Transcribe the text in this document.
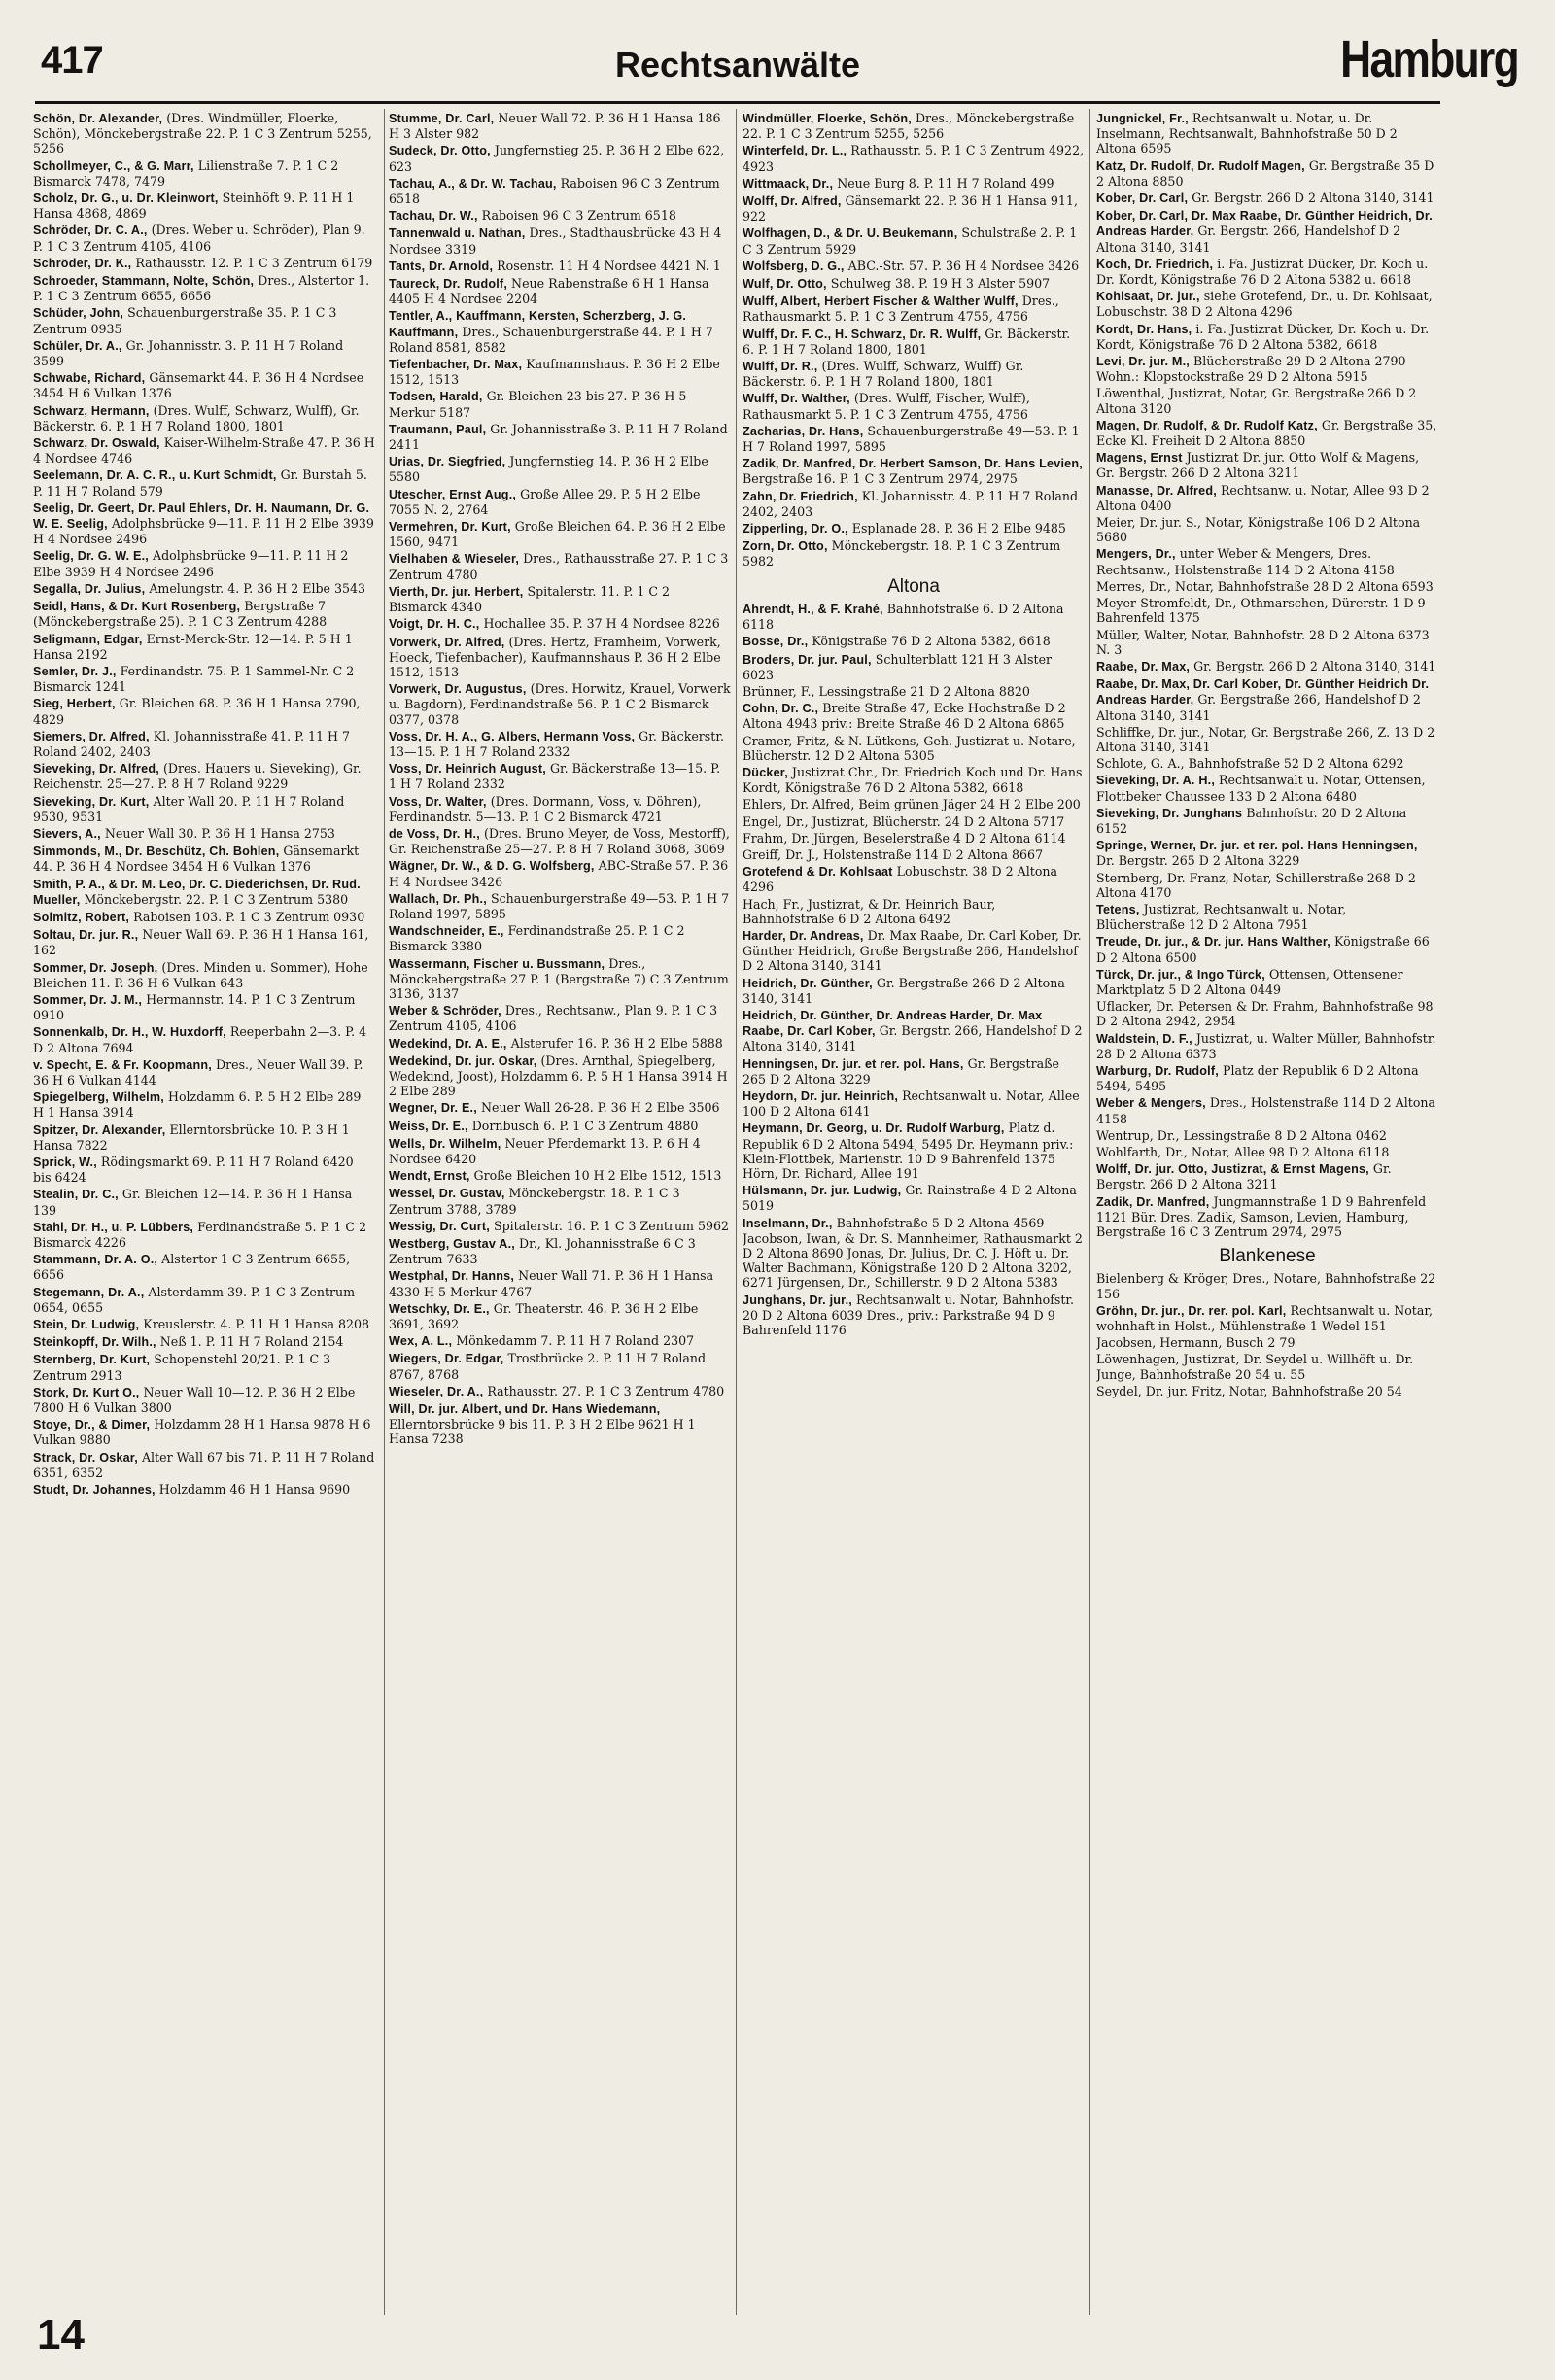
417	Rechtsanwälte	Hamburg

Schön, Dr. Alexander, (Dres. Windmüller, Floerke, Schön), Mönckebergstraße 22. P. 1 C 3 Zentrum 5255, 5256

Schollmeyer, C., & G. Marr, Lilienstraße 7. P. 1 C 2 Bismarck 7478, 7479

Scholz, Dr. G., u. Dr. Kleinwort, Steinhöft 9. P. 11 H 1 Hansa 4868, 4869

Schröder, Dr. C. A., (Dres. Weber u. Schröder), Plan 9. P. 1 C 3 Zentrum 4105, 4106

Schröder, Dr. K., Rathausstr. 12. P. 1 C 3 Zentrum 6179

Schroeder, Stammann, Nolte, Schön, Dres., Alstertor 1. P. 1 C 3 Zentrum 6655, 6656

Schüder, John, Schauenburgerstraße 35. P. 1 C 3 Zentrum 0935

Schüler, Dr. A., Gr. Johannisstr. 3. P. 11 H 7 Roland 3599

Schwabe, Richard, Gänsemarkt 44. P. 36 H 4 Nordsee 3454 H 6 Vulkan 1376

Schwarz, Hermann, (Dres. Wulff, Schwarz, Wulff), Gr. Bäckerstr. 6. P. 1 H 7 Roland 1800, 1801

Schwarz, Dr. Oswald, Kaiser-Wilhelm-Straße 47. P. 36 H 4 Nordsee 4746

Seelemann, Dr. A. C. R., u. Kurt Schmidt, Gr. Burstah 5. P. 11 H 7 Roland 579

Seelig, Dr. Geert, Dr. Paul Ehlers, Dr. H. Naumann, Dr. G. W. E. Seelig, Adolphsbrücke 9—11. P. 11 H 2 Elbe 3939 H 4 Nordsee 2496

Seelig, Dr. G. W. E., Adolphsbrücke 9—11. P. 11 H 2 Elbe 3939 H 4 Nordsee 2496

Segalla, Dr. Julius, Amelungstr. 4. P. 36 H 2 Elbe 3543

Seidl, Hans, & Dr. Kurt Rosenberg, Bergstraße 7 (Mönckebergstraße 25). P. 1 C 3 Zentrum 4288

Seligmann, Edgar, Ernst-Merck-Str. 12—14. P. 5 H 1 Hansa 2192

Semler, Dr. J., Ferdinandstr. 75. P. 1 Sammel-Nr. C 2 Bismarck 1241

Sieg, Herbert, Gr. Bleichen 68. P. 36 H 1 Hansa 2790, 4829

Siemers, Dr. Alfred, Kl. Johannisstraße 41. P. 11 H 7 Roland 2402, 2403

Sieveking, Dr. Alfred, (Dres. Hauers u. Sieveking), Gr. Reichenstr. 25—27. P. 8 H 7 Roland 9229

Sieveking, Dr. Kurt, Alter Wall 20. P. 11 H 7 Roland 9530, 9531

Sievers, A., Neuer Wall 30. P. 36 H 1 Hansa 2753

Simmonds, M., Dr. Beschütz, Ch. Bohlen, Gänsemarkt 44. P. 36 H 4 Nordsee 3454 H 6 Vulkan 1376

Smith, P. A., & Dr. M. Leo, Dr. C. Diederichsen, Dr. Rud. Mueller, Mönckebergstr. 22. P. 1 C 3 Zentrum 5380

Solmitz, Robert, Raboisen 103. P. 1 C 3 Zentrum 0930

Soltau, Dr. jur. R., Neuer Wall 69. P. 36 H 1 Hansa 161, 162

Sommer, Dr. Joseph, (Dres. Minden u. Sommer), Hohe Bleichen 11. P. 36 H 6 Vulkan 643

Sommer, Dr. J. M., Hermannstr. 14. P. 1 C 3 Zentrum 0910

Sonnenkalb, Dr. H., W. Huxdorff, Reeperbahn 2—3. P. 4 D 2 Altona 7694

v. Specht, E. & Fr. Koopmann, Dres., Neuer Wall 39. P. 36 H 6 Vulkan 4144

Spiegelberg, Wilhelm, Holzdamm 6. P. 5 H 2 Elbe 289 H 1 Hansa 3914

Spitzer, Dr. Alexander, Ellerntorsbrücke 10. P. 3 H 1 Hansa 7822

Sprick, W., Rödingsmarkt 69. P. 11 H 7 Roland 6420 bis 6424

Stealin, Dr. C., Gr. Bleichen 12—14. P. 36 H 1 Hansa 139

Stahl, Dr. H., u. P. Lübbers, Ferdinandstraße 5. P. 1 C 2 Bismarck 4226

Stammann, Dr. A. O., Alstertor 1 C 3 Zentrum 6655, 6656

Stegemann, Dr. A., Alsterdamm 39. P. 1 C 3 Zentrum 0654, 0655

Stein, Dr. Ludwig, Kreuslerstr. 4. P. 11 H 1 Hansa 8208

Steinkopff, Dr. Wilh., Neß 1. P. 11 H 7 Roland 2154

Sternberg, Dr. Kurt, Schopenstehl 20/21. P. 1 C 3 Zentrum 2913

Stork, Dr. Kurt O., Neuer Wall 10—12. P. 36 H 2 Elbe 7800 H 6 Vulkan 3800

Stoye, Dr., & Dimer, Holzdamm 28 H 1 Hansa 9878 H 6 Vulkan 9880

Strack, Dr. Oskar, Alter Wall 67 bis 71. P. 11 H 7 Roland 6351, 6352

Studt, Dr. Johannes, Holzdamm 46 H 1 Hansa 9690

Stumme, Dr. Carl, Neuer Wall 72. P. 36 H 1 Hansa 186 H 3 Alster 982

Sudeck, Dr. Otto, Jungfernstieg 25. P. 36 H 2 Elbe 622, 623

Tachau, A., & Dr. W. Tachau, Raboisen 96 C 3 Zentrum 6518

Tachau, Dr. W., Raboisen 96 C 3 Zentrum 6518

Tannenwald u. Nathan, Dres., Stadthausbrücke 43 H 4 Nordsee 3319

Tants, Dr. Arnold, Rosenstr. 11 H 4 Nordsee 4421 N. 1

Taureck, Dr. Rudolf, Neue Rabenstraße 6 H 1 Hansa 4405 H 4 Nordsee 2204

Tentler, A., Kauffmann, Kersten, Scherzberg, J. G. Kauffmann, Dres., Schauenburgerstraße 44. P. 1 H 7 Roland 8581, 8582

Tiefenbacher, Dr. Max, Kaufmannshaus. P. 36 H 2 Elbe 1512, 1513

Todsen, Harald, Gr. Bleichen 23 bis 27. P. 36 H 5 Merkur 5187

Traumann, Paul, Gr. Johannisstraße 3. P. 11 H 7 Roland 2411

Urias, Dr. Siegfried, Jungfernstieg 14. P. 36 H 2 Elbe 5580

Utescher, Ernst Aug., Große Allee 29. P. 5 H 2 Elbe 7055 N. 2, 2764

Vermehren, Dr. Kurt, Große Bleichen 64. P. 36 H 2 Elbe 1560, 9471

Vielhaben & Wieseler, Dres., Rathausstraße 27. P. 1 C 3 Zentrum 4780

Vierth, Dr. jur. Herbert, Spitalerstr. 11. P. 1 C 2 Bismarck 4340

Voigt, Dr. H. C., Hochallee 35. P. 37 H 4 Nordsee 8226

Vorwerk, Dr. Alfred, (Dres. Hertz, Framheim, Vorwerk, Hoeck, Tiefenbacher), Kaufmannshaus P. 36 H 2 Elbe 1512, 1513

Vorwerk, Dr. Augustus, (Dres. Horwitz, Krauel, Vorwerk u. Bagdorn), Ferdinandstraße 56. P. 1 C 2 Bismarck 0377, 0378

Voss, Dr. H. A., G. Albers, Hermann Voss, Gr. Bäckerstr. 13—15. P. 1 H 7 Roland 2332

Voss, Dr. Heinrich August, Gr. Bäckerstraße 13—15. P. 1 H 7 Roland 2332

Voss, Dr. Walter, (Dres. Dormann, Voss, v. Döhren), Ferdinandstr. 5—13. P. 1 C 2 Bismarck 4721

de Voss, Dr. H., (Dres. Bruno Meyer, de Voss, Mestorff), Gr. Reichenstraße 25—27. P. 8 H 7 Roland 3068, 3069

Wägner, Dr. W., & D. G. Wolfsberg, ABC-Straße 57. P. 36 H 4 Nordsee 3426

Wallach, Dr. Ph., Schauenburgerstraße 49—53. P. 1 H 7 Roland 1997, 5895

Wandschneider, E., Ferdinandstraße 25. P. 1 C 2 Bismarck 3380

Wassermann, Fischer u. Bussmann, Dres., Mönckebergstraße 27 P. 1 (Bergstraße 7) C 3 Zentrum 3136, 3137

Weber & Schröder, Dres., Rechtsanw., Plan 9. P. 1 C 3 Zentrum 4105, 4106

Wedekind, Dr. A. E., Alsterufer 16. P. 36 H 2 Elbe 5888

Wedekind, Dr. jur. Oskar, (Dres. Arnthal, Spiegelberg, Wedekind, Joost), Holzdamm 6. P. 5 H 1 Hansa 3914 H 2 Elbe 289

Wegner, Dr. E., Neuer Wall 26-28. P. 36 H 2 Elbe 3506

Weiss, Dr. E., Dornbusch 6. P. 1 C 3 Zentrum 4880

Wells, Dr. Wilhelm, Neuer Pferdemarkt 13. P. 6 H 4 Nordsee 6420

Wendt, Ernst, Große Bleichen 10 H 2 Elbe 1512, 1513

Wessel, Dr. Gustav, Mönckebergstr. 18. P. 1 C 3 Zentrum 3788, 3789

Wessig, Dr. Curt, Spitalerstr. 16. P. 1 C 3 Zentrum 5962

Westberg, Gustav A., Dr., Kl. Johannisstraße 6 C 3 Zentrum 7633

Westphal, Dr. Hanns, Neuer Wall 71. P. 36 H 1 Hansa 4330 H 5 Merkur 4767

Wetschky, Dr. E., Gr. Theaterstr. 46. P. 36 H 2 Elbe 3691, 3692

Wex, A. L., Mönkedamm 7. P. 11 H 7 Roland 2307

Wiegers, Dr. Edgar, Trostbrücke 2. P. 11 H 7 Roland 8767, 8768

Wieseler, Dr. A., Rathausstr. 27. P. 1 C 3 Zentrum 4780

Will, Dr. jur. Albert, und Dr. Hans Wiedemann, Ellerntorsbrücke 9 bis 11. P. 3 H 2 Elbe 9621 H 1 Hansa 7238

Windmüller, Floerke, Schön, Dres., Mönckebergstraße 22. P. 1 C 3 Zentrum 5255, 5256

Winterfeld, Dr. L., Rathausstr. 5. P. 1 C 3 Zentrum 4922, 4923

Wittmaack, Dr., Neue Burg 8. P. 11 H 7 Roland 499

Wolff, Dr. Alfred, Gänsemarkt 22. P. 36 H 1 Hansa 911, 922

Wolfhagen, D., & Dr. U. Beukemann, Schulstraße 2. P. 1 C 3 Zentrum 5929

Wolfsberg, D. G., ABC.-Str. 57. P. 36 H 4 Nordsee 3426

Wulf, Dr. Otto, Schulweg 38. P. 19 H 3 Alster 5907

Wulff, Albert, Herbert Fischer & Walther Wulff, Dres., Rathausmarkt 5. P. 1 C 3 Zentrum 4755, 4756

Wulff, Dr. F. C., H. Schwarz, Dr. R. Wulff, Gr. Bäckerstr. 6. P. 1 H 7 Roland 1800, 1801

Wulff, Dr. R., (Dres. Wulff, Schwarz, Wulff) Gr. Bäckerstr. 6. P. 1 H 7 Roland 1800, 1801

Wulff, Dr. Walther, (Dres. Wulff, Fischer, Wulff), Rathausmarkt 5. P. 1 C 3 Zentrum 4755, 4756

Zacharias, Dr. Hans, Schauenburgerstraße 49—53. P. 1 H 7 Roland 1997, 5895

Zadik, Dr. Manfred, Dr. Herbert Samson, Dr. Hans Levien, Bergstraße 16. P. 1 C 3 Zentrum 2974, 2975

Zahn, Dr. Friedrich, Kl. Johannisstr. 4. P. 11 H 7 Roland 2402, 2403

Zipperling, Dr. O., Esplanade 28. P. 36 H 2 Elbe 9485

Zorn, Dr. Otto, Mönckebergstr. 18. P. 1 C 3 Zentrum 5982

Altona

Ahrendt, H., & F. Krahé, Bahnhofstraße 6. D 2 Altona 6118

Bosse, Dr., Königstraße 76 D 2 Altona 5382, 6618

Broders, Dr. jur. Paul, Schulterblatt 121 H 3 Alster 6023

Brünner, F., Lessingstraße 21 D 2 Altona 8820

Cohn, Dr. C., Breite Straße 47, Ecke Hochstraße D 2 Altona 4943 priv.: Breite Straße 46 D 2 Altona 6865

Cramer, Fritz, & N. Lütkens, Geh. Justizrat u. Notare, Blücherstr. 12 D 2 Altona 5305

Dücker, Justizrat Chr., Dr. Friedrich Koch und Dr. Hans Kordt, Königstraße 76 D 2 Altona 5382, 6618

Ehlers, Dr. Alfred, Beim grünen Jäger 24 H 2 Elbe 200

Engel, Dr., Justizrat, Blücherstr. 24 D 2 Altona 5717

Frahm, Dr. Jürgen, Beselerstraße 4 D 2 Altona 6114

Greiff, Dr. J., Holstenstraße 114 D 2 Altona 8667

Grotefend & Dr. Kohlsaat Lobuschstr. 38 D 2 Altona 4296

Hach, Fr., Justizrat, & Dr. Heinrich Baur, Bahnhofstraße 6 D 2 Altona 6492

Harder, Dr. Andreas, Dr. Max Raabe, Dr. Carl Kober, Dr. Günther Heidrich, Große Bergstraße 266, Handelshof D 2 Altona 3140, 3141

Heidrich, Dr. Günther, Gr. Bergstraße 266 D 2 Altona 3140, 3141

Heidrich, Dr. Günther, Dr. Andreas Harder, Dr. Max Raabe, Dr. Carl Kober, Gr. Bergstr. 266, Handelshof D 2 Altona 3140, 3141

Henningsen, Dr. jur. et rer. pol. Hans, Gr. Bergstraße 265 D 2 Altona 3229

Heydorn, Dr. jur. Heinrich, Rechtsanwalt u. Notar, Allee 100 D 2 Altona 6141

Heymann, Dr. Georg, u. Dr. Rudolf Warburg, Platz d. Republik 6 D 2 Altona 5494, 5495 Dr. Heymann priv.: Klein-Flottbek, Marienstr. 10 D 9 Bahrenfeld 1375 Hörn, Dr. Richard, Allee 191

Hülsmann, Dr. jur. Ludwig, Gr. Rainstraße 4 D 2 Altona 5019

Inselmann, Dr., Bahnhofstraße 5 D 2 Altona 4569 Jacobson, Iwan, & Dr. S. Mannheimer, Rathausmarkt 2 D 2 Altona 8690 Jonas, Dr. Julius, Dr. C. J. Höft u. Dr. Walter Bachmann, Königstraße 120 D 2 Altona 3202, 6271 Jürgensen, Dr., Schillerstr. 9 D 2 Altona 5383

Junghans, Dr. jur., Rechtsanwalt u. Notar, Bahnhofstr. 20 D 2 Altona 6039 Dres., priv.: Parkstraße 94 D 9 Bahrenfeld 1176

Jungnickel, Fr., Rechtsanwalt u. Notar, u. Dr. Inselmann, Rechtsanwalt, Bahnhofstraße 50 D 2 Altona 6595

Katz, Dr. Rudolf, Dr. Rudolf Magen, Gr. Bergstraße 35 D 2 Altona 8850

Kober, Dr. Carl, Gr. Bergstr. 266 D 2 Altona 3140, 3141

Kober, Dr. Carl, Dr. Max Raabe, Dr. Günther Heidrich, Dr. Andreas Harder, Gr. Bergstr. 266, Handelshof D 2 Altona 3140, 3141

Koch, Dr. Friedrich, i. Fa. Justizrat Dücker, Dr. Koch u. Dr. Kordt, Königstraße 76 D 2 Altona 5382 u. 6618

Kohlsaat, Dr. jur., siehe Grotefend, Dr., u. Dr. Kohlsaat, Lobuschstr. 38 D 2 Altona 4296

Kordt, Dr. Hans, i. Fa. Justizrat Dücker, Dr. Koch u. Dr. Kordt, Königstraße 76 D 2 Altona 5382, 6618

Levi, Dr. jur. M., Blücherstraße 29 D 2 Altona 2790 Wohn.: Klopstockstraße 29 D 2 Altona 5915

Löwenthal, Justizrat, Notar, Gr. Bergstraße 266 D 2 Altona 3120

Magen, Dr. Rudolf, & Dr. Rudolf Katz, Gr. Bergstraße 35, Ecke Kl. Freiheit D 2 Altona 8850

Magens, Ernst Justizrat Dr. jur. Otto Wolf & Magens, Gr. Bergstr. 266 D 2 Altona 3211

Manasse, Dr. Alfred, Rechtsanw. u. Notar, Allee 93 D 2 Altona 0400

Meier, Dr. jur. S., Notar, Königstraße 106 D 2 Altona 5680

Mengers, Dr., unter Weber & Mengers, Dres. Rechtsanw., Holstenstraße 114 D 2 Altona 4158

Merres, Dr., Notar, Bahnhofstraße 28 D 2 Altona 6593

Meyer-Stromfeldt, Dr., Othmarschen, Dürerstr. 1 D 9 Bahrenfeld 1375

Müller, Walter, Notar, Bahnhofstr. 28 D 2 Altona 6373 N. 3

Raabe, Dr. Max, Gr. Bergstr. 266 D 2 Altona 3140, 3141

Raabe, Dr. Max, Dr. Carl Kober, Dr. Günther Heidrich Dr. Andreas Harder, Gr. Bergstraße 266, Handelshof D 2 Altona 3140, 3141

Schliffke, Dr. jur., Notar, Gr. Bergstraße 266, Z. 13 D 2 Altona 3140, 3141

Schlote, G. A., Bahnhofstraße 52 D 2 Altona 6292

Sieveking, Dr. A. H., Rechtsanwalt u. Notar, Ottensen, Flottbeker Chaussee 133 D 2 Altona 6480

Sieveking, Dr. Junghans Bahnhofstr. 20 D 2 Altona 6152

Springe, Werner, Dr. jur. et rer. pol. Hans Henningsen, Dr. Bergstr. 265 D 2 Altona 3229

Sternberg, Dr. Franz, Notar, Schillerstraße 268 D 2 Altona 4170

Tetens, Justizrat, Rechtsanwalt u. Notar, Blücherstraße 12 D 2 Altona 7951

Treude, Dr. jur., & Dr. jur. Hans Walther, Königstraße 66 D 2 Altona 6500

Türck, Dr. jur., & Ingo Türck, Ottensen, Ottensener Marktplatz 5 D 2 Altona 0449

Uflacker, Dr. Petersen & Dr. Frahm, Bahnhofstraße 98 D 2 Altona 2942, 2954

Waldstein, D. F., Justizrat, u. Walter Müller, Bahnhofstr. 28 D 2 Altona 6373

Warburg, Dr. Rudolf, Platz der Republik 6 D 2 Altona 5494, 5495

Weber & Mengers, Dres., Holstenstraße 114 D 2 Altona 4158

Wentrup, Dr., Lessingstraße 8 D 2 Altona 0462

Wohlfarth, Dr., Notar, Allee 98 D 2 Altona 6118

Wolff, Dr. jur. Otto, Justizrat, & Ernst Magens, Gr. Bergstr. 266 D 2 Altona 3211

Zadik, Dr. Manfred, Jungmannstraße 1 D 9 Bahrenfeld 1121 Bür. Dres. Zadik, Samson, Levien, Hamburg, Bergstraße 16 C 3 Zentrum 2974, 2975

Blankenese

Bielenberg & Kröger, Dres., Notare, Bahnhofstraße 22 156

Gröhn, Dr. jur., Dr. rer. pol. Karl, Rechtsanwalt u. Notar, wohnhaft in Holst., Mühlenstraße 1 Wedel 151

Jacobsen, Hermann, Busch 2 79

Löwenhagen, Justizrat, Dr. Seydel u. Willhöft u. Dr. Junge, Bahnhofstraße 20 54 u. 55

Seydel, Dr. jur. Fritz, Notar, Bahnhofstraße 20 54

14
